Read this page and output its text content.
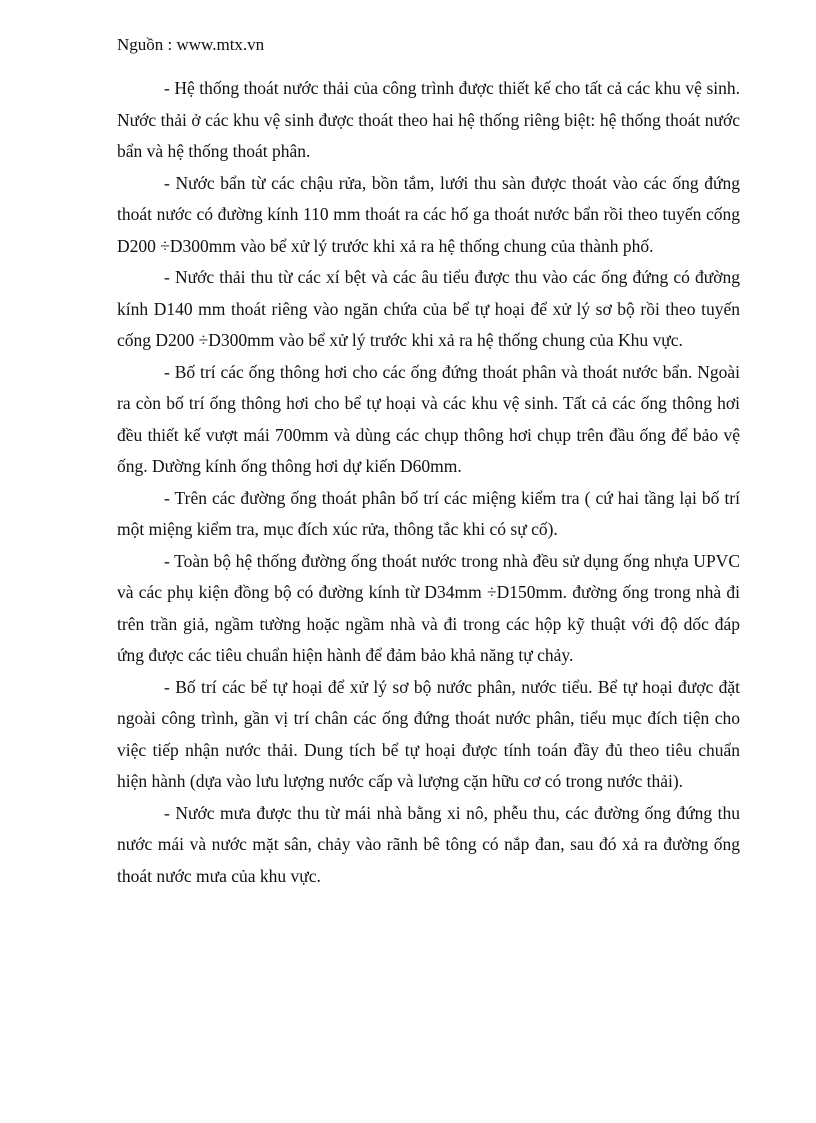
Nguồn : www.mtx.vn

- Hệ thống thoát nước thải của công trình được thiết kế cho tất cả các khu vệ sinh. Nước thải ở các khu vệ sinh được thoát theo hai hệ thống riêng biệt: hệ thống thoát nước bẩn và hệ thống thoát phân.

- Nước bẩn từ các chậu rửa, bồn tắm, lưới thu sàn được thoát vào các ống đứng thoát nước có đường kính 110 mm thoát ra các hố ga thoát nước bẩn rồi theo tuyến cống D200 ÷D300mm vào bể xử lý trước khi xả ra hệ thống chung của thành phố.

- Nước thải thu từ các xí bệt và các âu tiểu được thu vào các ống đứng có đường kính D140 mm thoát riêng vào ngăn chứa của bể tự hoại để xử lý sơ bộ rồi theo tuyến cống D200 ÷D300mm vào bể xử lý trước khi xả ra hệ thống chung của Khu vực.

- Bố trí các ống thông hơi cho các ống đứng thoát phân và thoát nước bẩn. Ngoài ra còn bố trí ống thông hơi cho bể tự hoại và các khu vệ sinh. Tất cả các ống thông hơi đều thiết kế vượt mái 700mm và dùng các chụp thông hơi chụp trên đầu ống để bảo vệ ống. Dường kính ống thông hơi dự kiến D60mm.

- Trên các đường ống thoát phân bố trí các miệng kiểm tra ( cứ hai tầng lại bố trí một miệng kiểm tra, mục đích xúc rửa, thông tắc khi có sự cố).

- Toàn bộ hệ thống đường ống thoát nước trong nhà đều sử dụng ống nhựa UPVC và các phụ kiện đồng bộ có đường kính từ D34mm ÷D150mm. đường ống trong nhà đi trên trần giả, ngầm tường hoặc ngầm nhà và đi trong các hộp kỹ thuật với độ dốc đáp ứng được các tiêu chuẩn hiện hành để đảm bảo khả năng tự chảy.

- Bố trí các bể tự hoại để xử lý sơ bộ nước phân, nước tiểu. Bể tự hoại được đặt ngoài công trình, gần vị trí chân các ống đứng thoát nước phân, tiểu mục đích tiện cho việc tiếp nhận nước thải. Dung tích bể tự hoại được tính toán đầy đủ theo tiêu chuẩn hiện hành (dựa vào lưu lượng nước cấp và lượng cặn hữu cơ có trong nước thải).

- Nước mưa được thu từ mái nhà bằng xi nô, phễu thu, các đường ống đứng thu nước mái và nước mặt sân, chảy vào rãnh bê tông có nắp đan, sau đó xả ra đường ống thoát nước mưa của khu vực.
